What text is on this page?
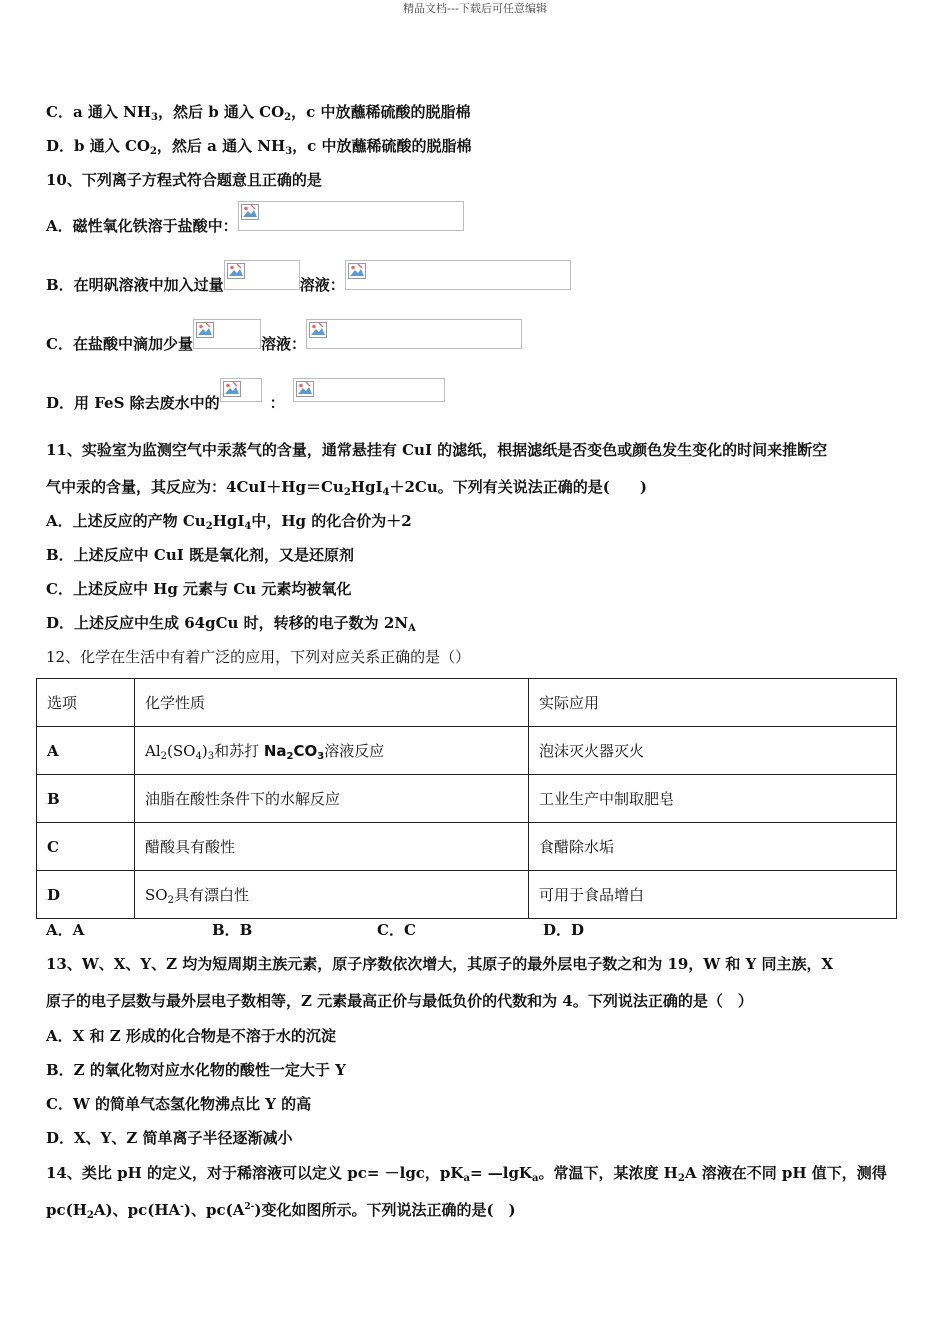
精品文档---下载后可任意编辑
C．a 通入 $NH_3$，然后 b 通入 $CO_2$，c 中放蘸稀硫酸的脱脂棉
D．b 通入 $CO_2$，然后 a 通入 $NH_3$，c 中放蘸稀硫酸的脱脂棉
10、下列离子方程式符合题意且正确的是
A．磁性氧化铁溶于盐酸中：
B．在明矾溶液中加入过量	溶液：
C．在盐酸中滴加少量	溶液：
D．用 FeS 除去废水中的	：
11、实验室为监测空气中汞蒸气的含量，通常悬挂有 CuI 的滤纸，根据滤纸是否变色或颜色发生变化的时间来推断空
气中汞的含量，其反应为：$4CuI+Hg=Cu_2HgI_4+2Cu$。下列有关说法正确的是(　　)
A．上述反应的产物 $Cu_2HgI_4$中，Hg 的化合价为＋2
B．上述反应中 CuI 既是氧化剂，又是还原剂
C．上述反应中 Hg 元素与 Cu 元素均被氧化
D．上述反应中生成 64gCu 时，转移的电子数为 $2N_A$
12、化学在生活中有着广泛的应用，下列对应关系正确的是（）
选项	化学性质	实际应用
A	$Al_2(SO_4)_3$和苏打 $Na_2CO_3$溶液反应	泡沫灭火器灭火
B	油脂在酸性条件下的水解反应	工业生产中制取肥皂
C	醋酸具有酸性	食醋除水垢
D	$SO_2$具有漂白性	可用于食品增白
A．A	B．B	C．C	D．D
13、W、X、Y、Z 均为短周期主族元素，原子序数依次增大，其原子的最外层电子数之和为 19，W 和 Y 同主族，X
原子的电子层数与最外层电子数相等，Z 元素最高正价与最低负价的代数和为 4。下列说法正确的是（　）
A．X 和 Z 形成的化合物是不溶于水的沉淀
B．Z 的氧化物对应水化物的酸性一定大于 Y
C．W 的简单气态氢化物沸点比 Y 的高
D．X、Y、Z 简单离子半径逐渐减小
14、类比 pH 的定义，对于稀溶液可以定义 pc= －lgc，$pK_a=$ —lgK$_a$。常温下，某浓度 $H_2A$ 溶液在不同 pH 值下，测得
$pc(H_2A)$、pc(HA-)、$pc(A^{2-})$变化如图所示。下列说法正确的是(　)
